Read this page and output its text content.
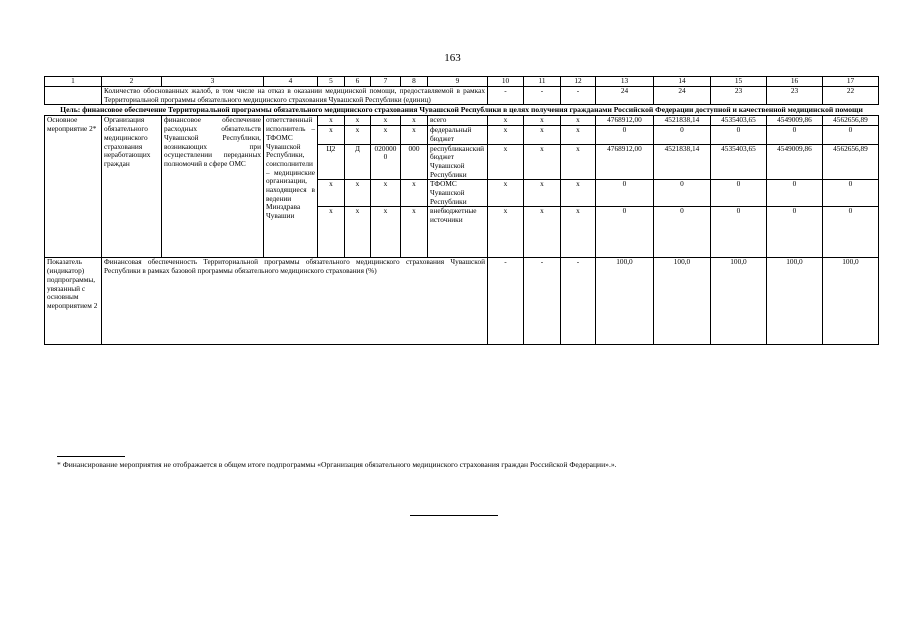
163
1	2	3	4	5	6	7	8	9	10	11	12	13	14	15	16	17
	Количество обоснованных жалоб, в том числе на отказ в оказании медицинской помощи, предоставляемой в рамках Территориальной программы обязательного медицинского страхования Чувашской Республики (единиц)								-	-	-	24	24	23	23	22
Цель: финансовое обеспечение Территориальной программы обязательного медицинского страхования Чувашской Республики в целях получения гражданами Российской Федерации доступной и качественной медицинской помощи																
Основное мероприятие 2*	Организация обязательного медицинского страхования неработающих граждан	финансовое обеспечение расходных обязательств Чувашской Республики, возникающих при осуществлении переданных полномочий в сфере ОМС	ответственный исполнитель – ТФОМС Чувашской Республики, соисполнители – медицинские организации, находящиеся в ведении Минздрава Чувашии	x	x	x	x	всего	x	x	x	4768912,00	4521838,14	4535403,65	4549009,86	4562656,89
				x	x	x	x	федеральный бюджет	x	x	x	0	0	0	0	0
				Ц2	Д	0200000	000	республиканский бюджет Чувашской Республики	x	x	x	4768912,00	4521838,14	4535403,65	4549009,86	4562656,89
				x	x	x	x	ТФОМС Чувашской Республики	x	x	x	0	0	0	0	0
				x	x	x	x	внебюджетные источники	x	x	x	0	0	0	0	0
Показатель (индикатор) подпрограммы, увязанный с основным мероприятием 2	Финансовая обеспеченность Территориальной программы обязательного медицинского страхования Чувашской Республики в рамках базовой программы обязательного медицинского страхования (%)								-	-	-	100,0	100,0	100,0	100,0	100,0
* Финансирование мероприятия не отображается в общем итоге подпрограммы «Организация обязательного медицинского страхования граждан Российской Федерации».».
